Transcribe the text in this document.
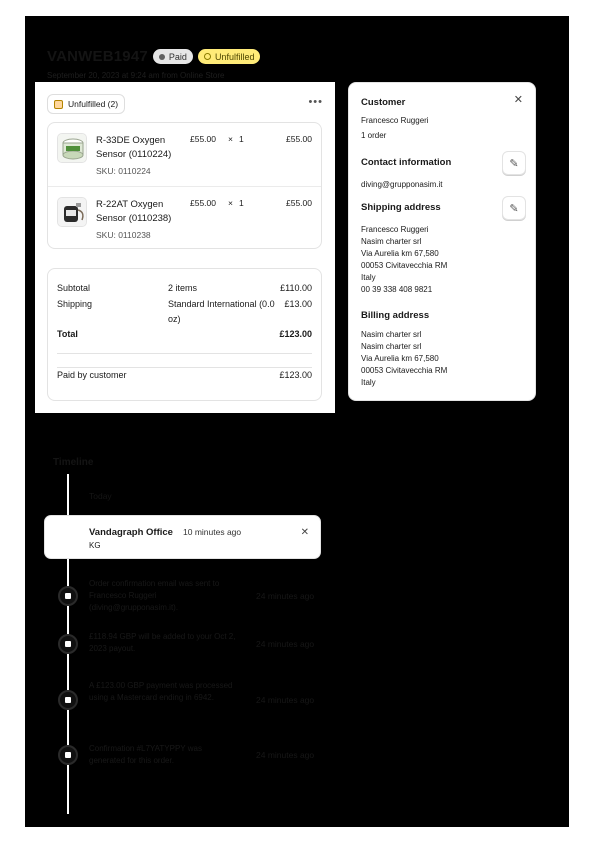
VANWEB1947 Paid	Unfulfilled
September 20, 2023 at 9:24 am from Online Store
Unfulfilled (2)	•••
R-33DE Oxygen Sensor (0110224)
SKU: 0110224
£55.00 × 1	£55.00
R-22AT Oxygen Sensor (0110238)
SKU: 0110238
£55.00 × 1	£55.00
Subtotal	2 items	£110.00
Shipping	Standard International (0.0 oz)
£13.00
Total	£123.00
Paid by customer	£123.00
Customer	✕
Francesco Ruggeri
1 order
Contact information	✎
diving@grupponasim.it
Shipping address	✎
Francesco Ruggeri
Nasim charter srl
Via Aurelia km 67,580
00053 Civitavecchia RM
Italy
00 39 338 408 9821
Billing address
Nasim charter srl
Nasim charter srl
Via Aurelia km 67,580
00053 Civitavecchia RM
Italy
Timeline
Today
Vandagraph Office 10 minutes ago
KG
✕
Order confirmation email was sent to Francesco Ruggeri (diving@grupponasim.it).
24 minutes ago
£118.94 GBP will be added to your Oct 2, 2023 payout.	24 minutes ago
A £123.00 GBP payment was processed using a Mastercard ending in 6942.	24 minutes ago
Confirmation #L7YATYPPY was generated for this order.
24 minutes ago
